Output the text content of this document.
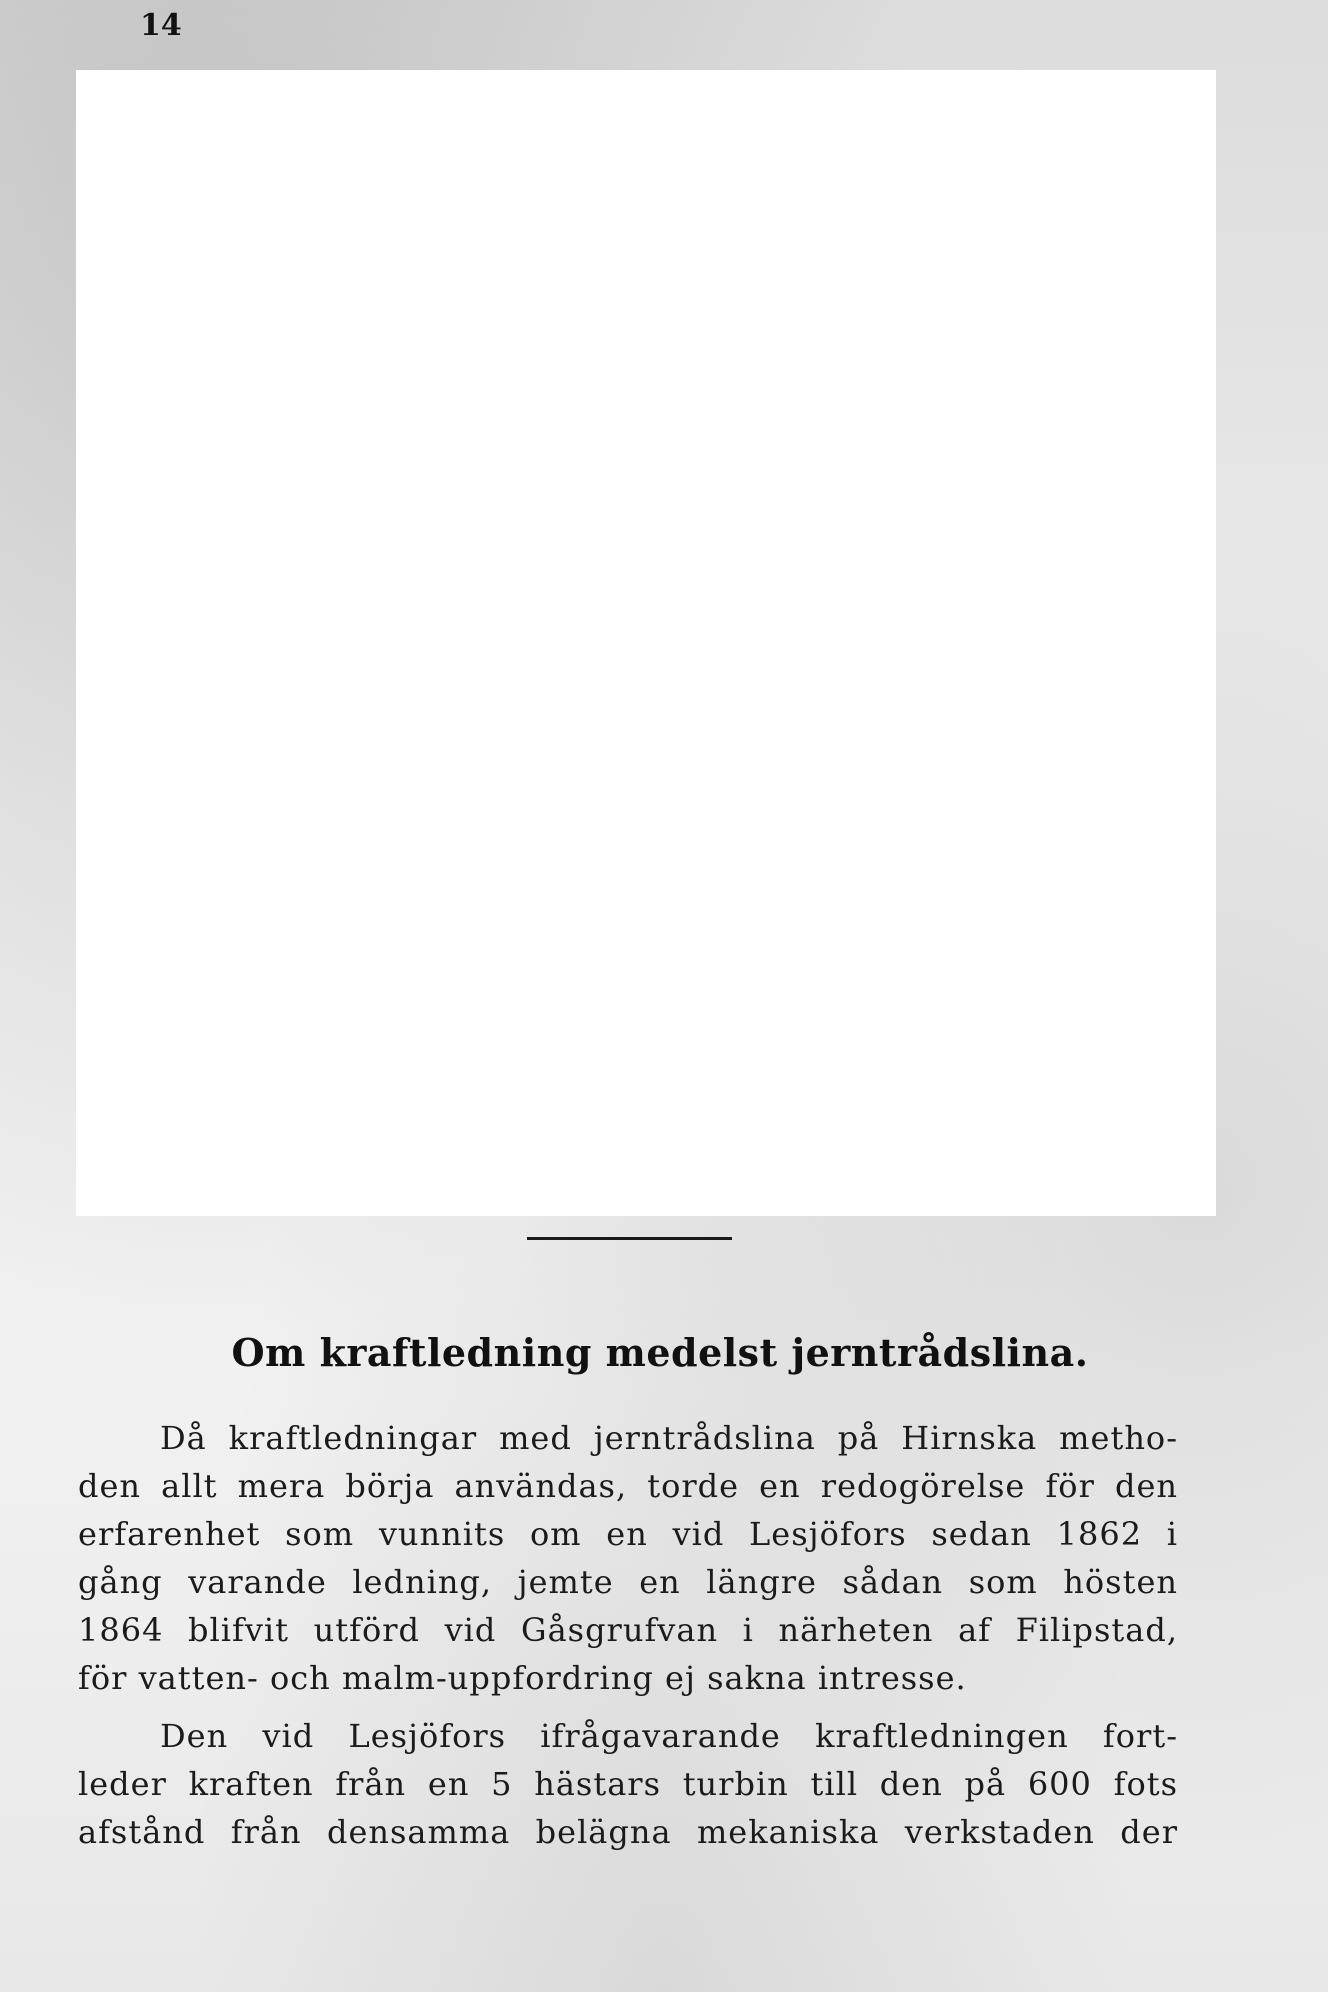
14
Om kraftledning medelst jerntrådslina.
Då kraftledningar med jerntrådslina på Hirnska metho-
den allt mera börja användas, torde en redogörelse för den
erfarenhet som vunnits om en vid Lesjöfors sedan 1862 i
gång varande ledning, jemte en längre sådan som hösten
1864 blifvit utförd vid Gåsgrufvan i närheten af Filipstad,
för vatten- och malm-uppfordring ej sakna intresse.
Den vid Lesjöfors ifrågavarande kraftledningen fort-
leder kraften från en 5 hästars turbin till den på 600 fots
afstånd från densamma belägna mekaniska verkstaden der
